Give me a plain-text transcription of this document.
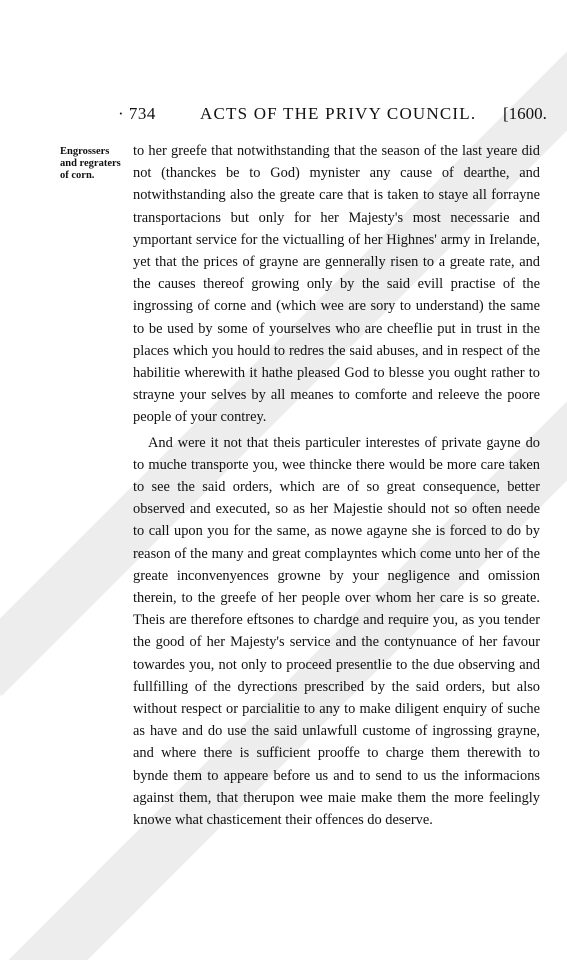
· 734	ACTS OF THE PRIVY COUNCIL. [1600.
Engrossers and regraters of corn.

to her greefe that notwithstanding that the season of the last yeare did not (thanckes be to God) mynister any cause of dearthe, and notwithstanding also the greate care that is taken to staye all forrayne transportacions but only for her Majesty's most necessarie and ymportant service for the victualling of her Highnes' army in Irelande, yet that the prices of grayne are gennerally risen to a greate rate, and the causes thereof growing only by the said evill practise of the ingrossing of corne and (which wee are sory to understand) the same to be used by some of yourselves who are cheeflie put in trust in the places which you hould to redres the said abuses, and in respect of the habilitie wherewith it hathe pleased God to blesse you ought rather to strayne your selves by all meanes to comforte and releeve the poore people of your contrey.

And were it not that theis particuler interestes of private gayne do to muche transporte you, wee thincke there would be more care taken to see the said orders, which are of so great consequence, better observed and executed, so as her Majestie should not so often neede to call upon you for the same, as nowe agayne she is forced to do by reason of the many and great complayntes which come unto her of the greate inconvenyences growne by your negligence and omission therein, to the greefe of her people over whom her care is so greate. Theis are therefore eftsones to chardge and require you, as you tender the good of her Majesty's service and the contynuance of her favour towardes you, not only to proceed presentlie to the due observing and fullfilling of the dyrections prescribed by the said orders, but also without respect or parcialitie to any to make diligent enquiry of suche as have and do use the said unlawfull custome of ingrossing grayne, and where there is sufficient prooffe to charge them therewith to bynde them to appeare before us and to send to us the informacions against them, that therupon wee maie make them the more feelingly knowe what chasticement their offences do deserve.
